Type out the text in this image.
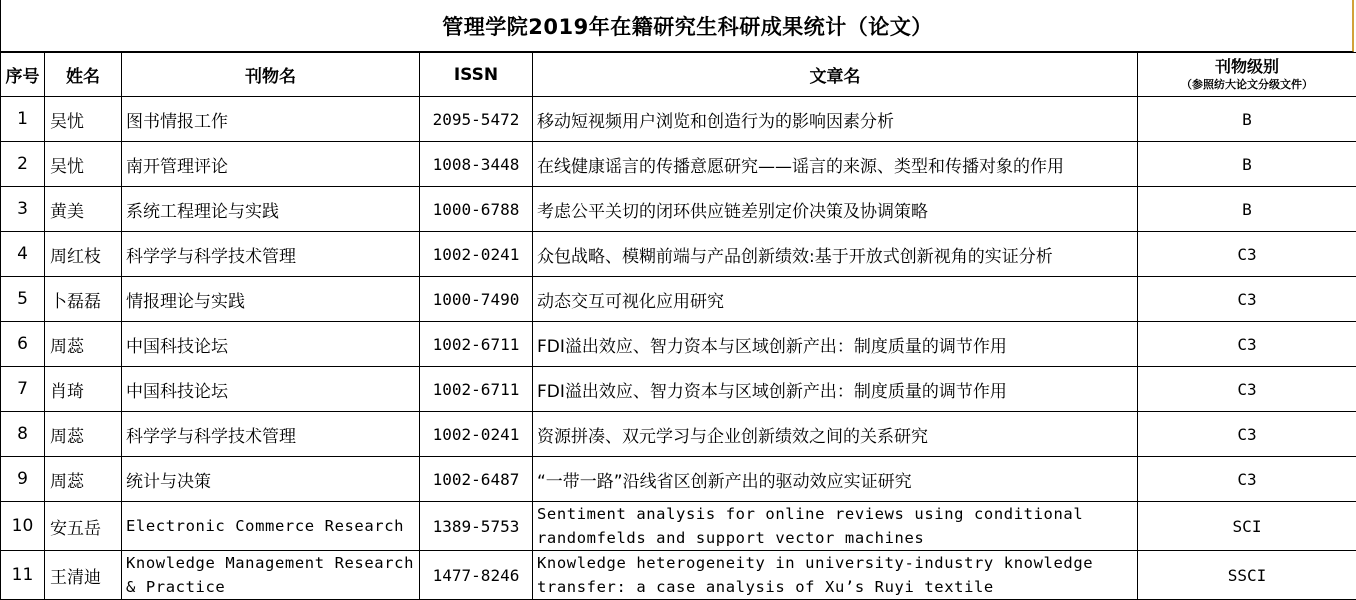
管理学院2019年在籍研究生科研成果统计（论文）
序号	姓名	刊物名	ISSN	文章名	刊物级别
（参照纺大论文分级文件）

1	吴忧	图书情报工作	2095-5472	移动短视频用户浏览和创造行为的影响因素分析	B
2	吴忧	南开管理评论	1008-3448	在线健康谣言的传播意愿研究——谣言的来源、类型和传播对象的作用	B
3	黄美	系统工程理论与实践	1000-6788	考虑公平关切的闭环供应链差别定价决策及协调策略	B
4	周红枝	科学学与科学技术管理	1002-0241	众包战略、模糊前端与产品创新绩效:基于开放式创新视角的实证分析	C3
5	卜磊磊	情报理论与实践	1000-7490	动态交互可视化应用研究	C3
6	周蕊	中国科技论坛	1002-6711	FDI溢出效应、智力资本与区域创新产出：制度质量的调节作用	C3
7	肖琦	中国科技论坛	1002-6711	FDI溢出效应、智力资本与区域创新产出：制度质量的调节作用	C3
8	周蕊	科学学与科学技术管理	1002-0241	资源拼凑、双元学习与企业创新绩效之间的关系研究	C3
9	周蕊	统计与决策	1002-6487	“一带一路”沿线省区创新产出的驱动效应实证研究	C3
10	安五岳	Electronic Commerce Research	1389-5753	Sentiment analysis for online reviews using conditional randomfelds and support vector machines	SCI
11	王清迪	Knowledge Management Research & Practice	1477-8246	Knowledge heterogeneity in university-industry knowledge transfer: a case analysis of Xu’s Ruyi textile	SSCI
